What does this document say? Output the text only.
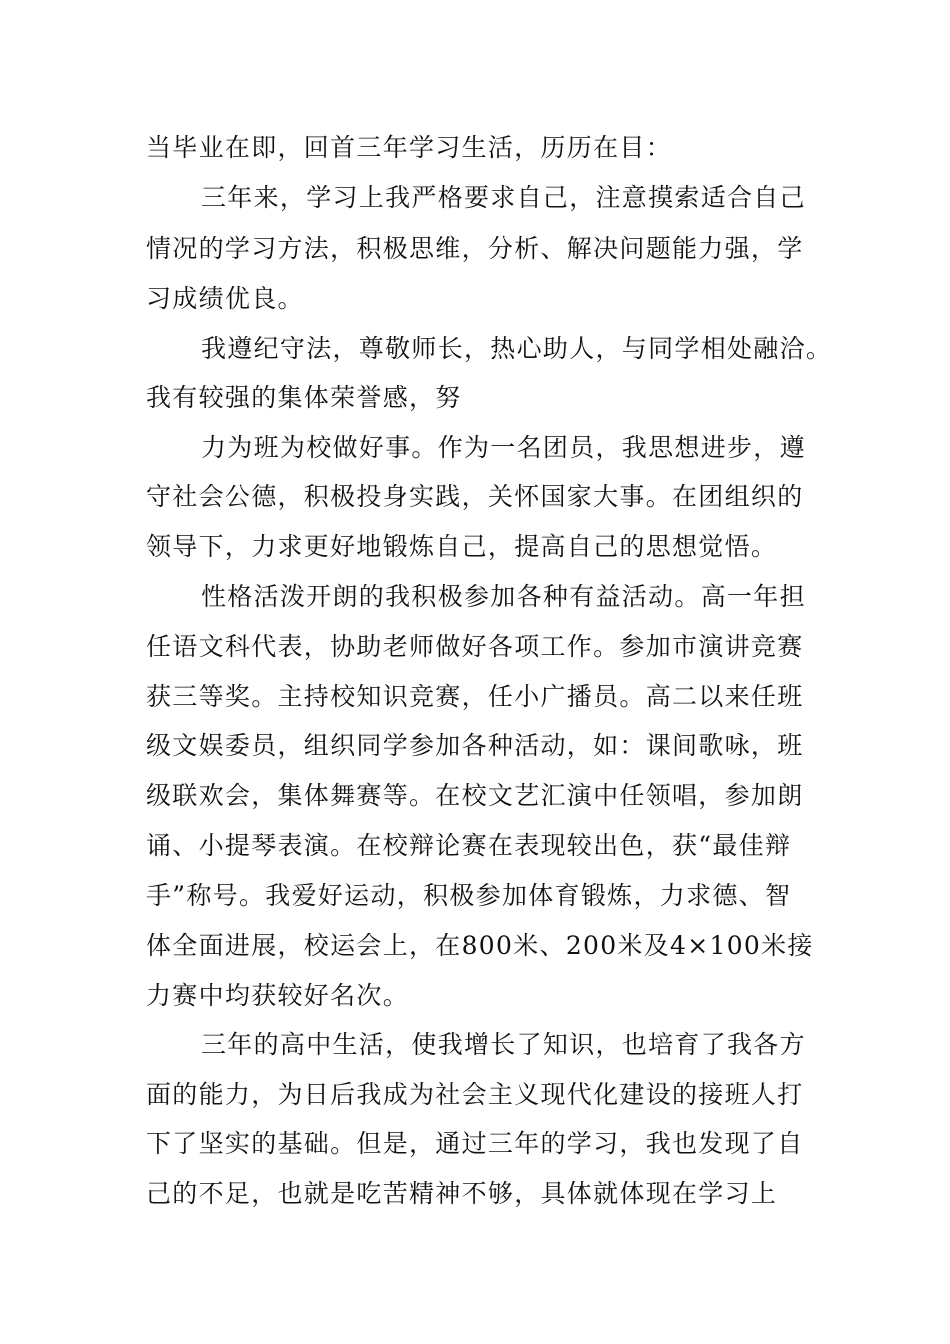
当毕业在即，回首三年学习生活，历历在目：
三年来，学习上我严格要求自己，注意摸索适合自己
情况的学习方法，积极思维，分析、解决问题能力强，学
习成绩优良。
我遵纪守法，尊敬师长，热心助人，与同学相处融洽。
我有较强的集体荣誉感，努
力为班为校做好事。作为一名团员，我思想进步，遵
守社会公德，积极投身实践，关怀国家大事。在团组织的
领导下，力求更好地锻炼自己，提高自己的思想觉悟。
性格活泼开朗的我积极参加各种有益活动。高一年担
任语文科代表，协助老师做好各项工作。参加市演讲竞赛
获三等奖。主持校知识竞赛，任小广播员。高二以来任班
级文娱委员，组织同学参加各种活动，如：课间歌咏，班
级联欢会，集体舞赛等。在校文艺汇演中任领唱，参加朗
诵、小提琴表演。在校辩论赛在表现较出色，获“最佳辩
手”称号。我爱好运动，积极参加体育锻炼，力求德、智
体全面进展，校运会上，在800米、200米及4×100米接
力赛中均获较好名次。
三年的高中生活，使我增长了知识，也培育了我各方
面的能力，为日后我成为社会主义现代化建设的接班人打
下了坚实的基础。但是，通过三年的学习，我也发现了自
己的不足，也就是吃苦精神不够，具体就体现在学习上
